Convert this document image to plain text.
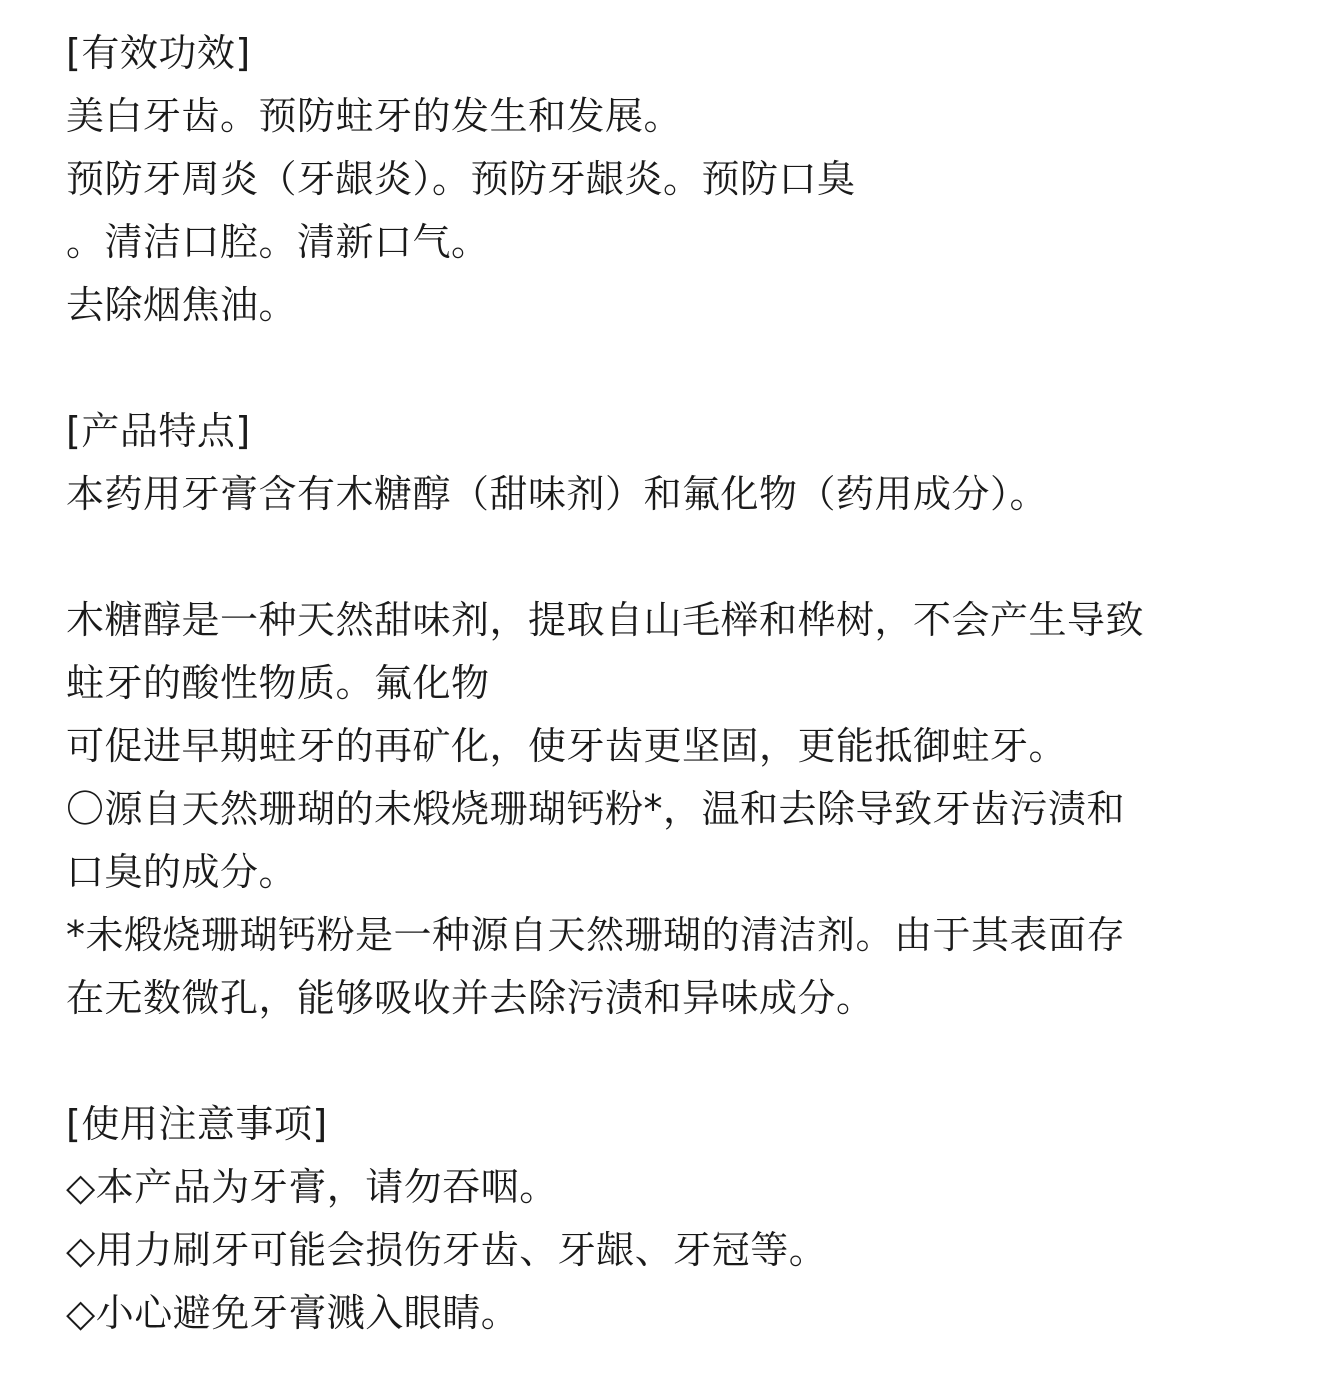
[有效功效]
美白牙齿。预防蛀牙的发生和发展。
预防牙周炎（牙龈炎）。预防牙龈炎。预防口臭
。清洁口腔。清新口气。
去除烟焦油。
[产品特点]
本药用牙膏含有木糖醇（甜味剂）和氟化物（药用成分）。
木糖醇是一种天然甜味剂，提取自山毛榉和桦树，不会产生导致
蛀牙的酸性物质。氟化物
可促进早期蛀牙的再矿化，使牙齿更坚固，更能抵御蛀牙。
〇源自天然珊瑚的未煅烧珊瑚钙粉*，温和去除导致牙齿污渍和
口臭的成分。
*未煅烧珊瑚钙粉是一种源自天然珊瑚的清洁剂。由于其表面存
在无数微孔，能够吸收并去除污渍和异味成分。
[使用注意事项]
◇本产品为牙膏，请勿吞咽。
◇用力刷牙可能会损伤牙齿、牙龈、牙冠等。
◇小心避免牙膏溅入眼睛。
